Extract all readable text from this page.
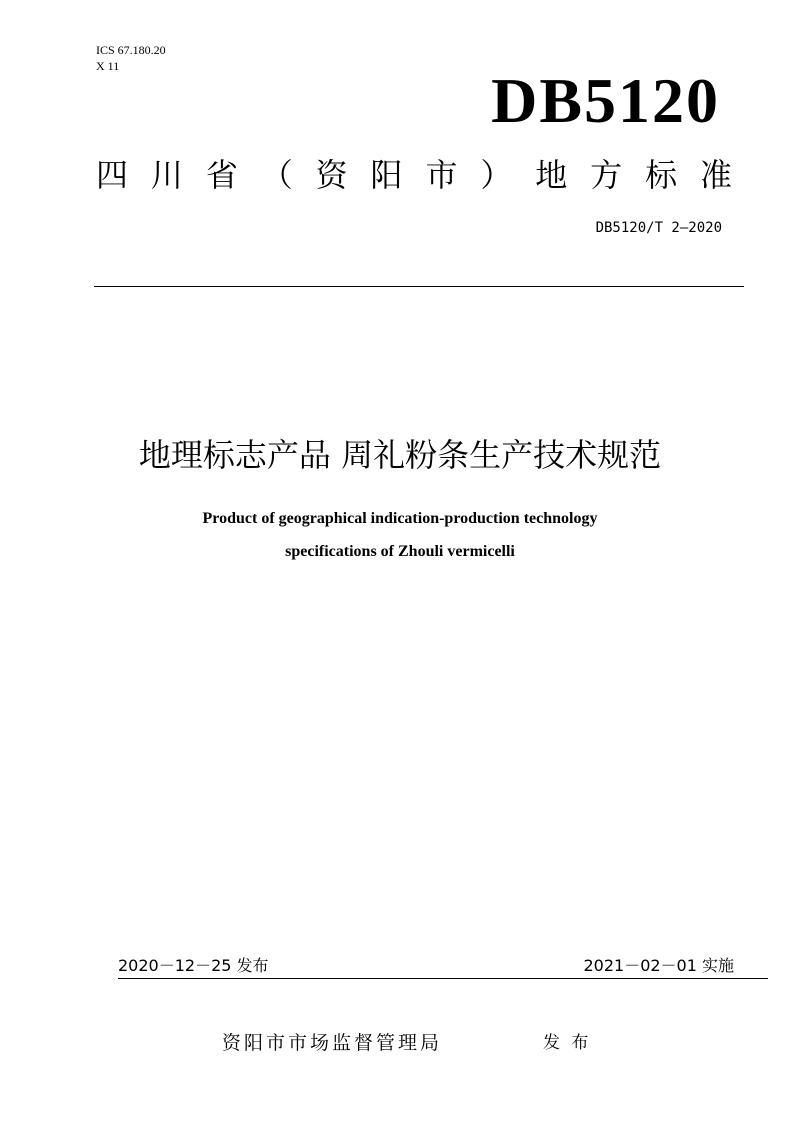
ICS 67.180.20
X 11	DB5120
四 川 省 （ 资 阳 市 ） 地 方 标 准
DB5120/T 2—2020
地理标志产品 周礼粉条生产技术规范
Product of geographical indication-production technology
specifications of Zhouli vermicelli
2020－12－25 发布	2021－02－01 实施
资阳市市场监督管理局	发 布
